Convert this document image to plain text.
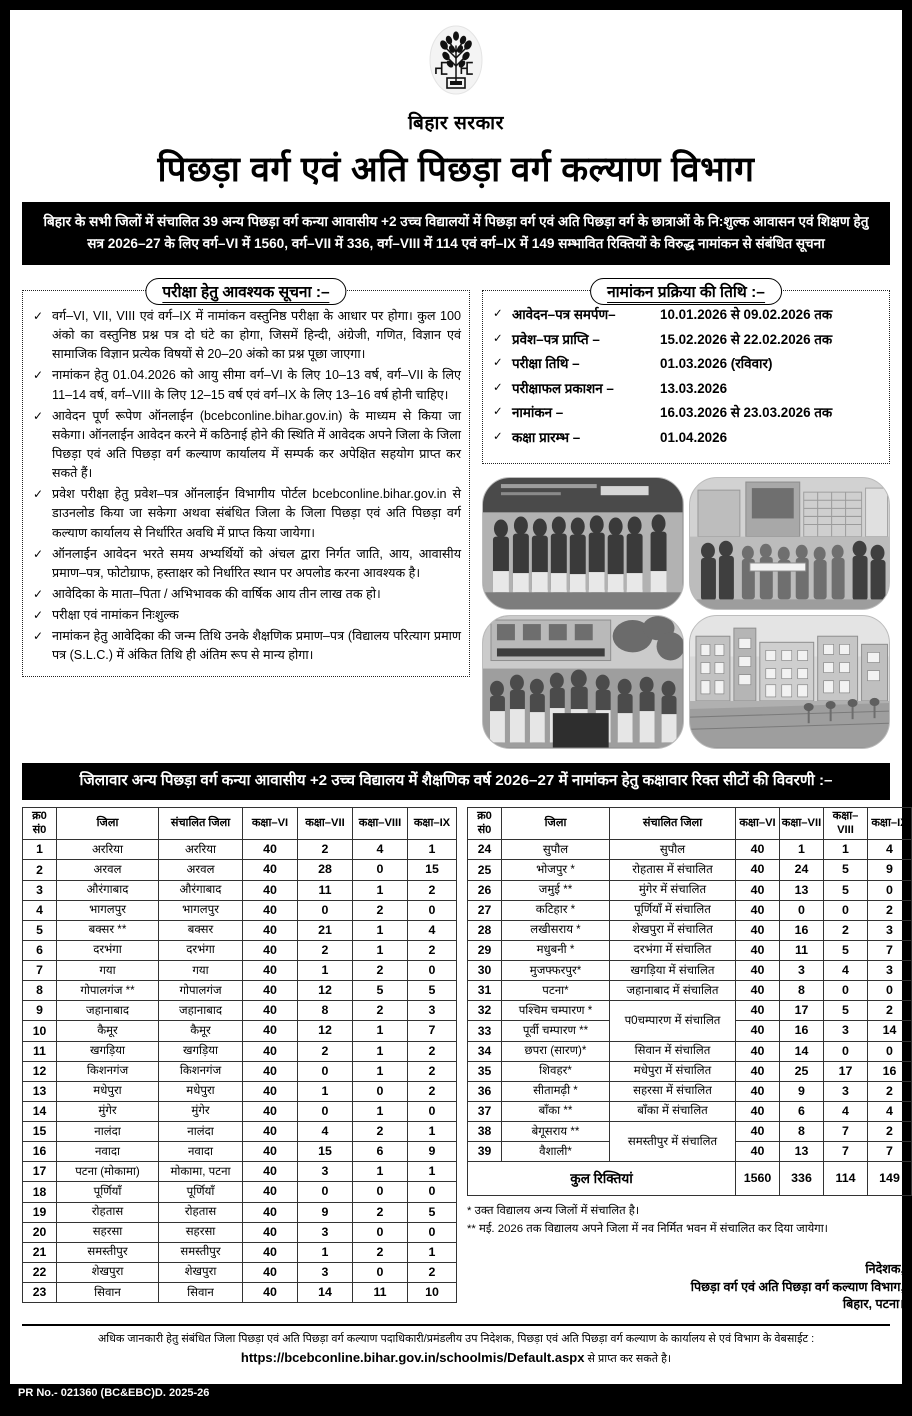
बिहार सरकार
पिछड़ा वर्ग एवं अति पिछड़ा वर्ग कल्याण विभाग
बिहार के सभी जिलों में संचालित 39 अन्य पिछड़ा वर्ग कन्या आवासीय +2 उच्च विद्यालयों में पिछड़ा वर्ग एवं अति पिछड़ा वर्ग के छात्राओं के नि:शुल्क आवासन एवं शिक्षण हेतु सत्र 2026–27 के लिए वर्ग–VI में 1560, वर्ग–VII में 336, वर्ग–VIII में 114 एवं वर्ग–IX में 149 सम्भावित रिक्तियों के विरुद्ध नामांकन से संबंधित सूचना
परीक्षा हेतु आवश्यक सूचना :–
✓ वर्ग–VI, VII, VIII एवं वर्ग–IX में नामांकन वस्तुनिष्ठ परीक्षा के आधार पर होगा। कुल 100 अंको का वस्तुनिष्ठ प्रश्न पत्र दो घंटे का होगा, जिसमें हिन्दी, अंग्रेजी, गणित, विज्ञान एवं सामाजिक विज्ञान प्रत्येक विषयों से 20–20 अंको का प्रश्न पूछा जाएगा।
✓ नामांकन हेतु 01.04.2026 को आयु सीमा वर्ग–VI के लिए 10–13 वर्ष, वर्ग–VII के लिए 11–14 वर्ष, वर्ग–VIII के लिए 12–15 वर्ष एवं वर्ग–IX के लिए 13–16 वर्ष होनी चाहिए।
✓ आवेदन पूर्ण रूपेण ऑनलाईन (bcebconline.bihar.gov.in) के माध्यम से किया जा सकेगा। ऑनलाईन आवेदन करने में कठिनाई होने की स्थिति में आवेदक अपने जिला के जिला पिछड़ा एवं अति पिछड़ा वर्ग कल्याण कार्यालय में सम्पर्क कर अपेक्षित सहयोग प्राप्त कर सकते हैं।
✓ प्रवेश परीक्षा हेतु प्रवेश–पत्र ऑनलाईन विभागीय पोर्टल bcebconline.bihar.gov.in से डाउनलोड किया जा सकेगा अथवा संबंधित जिला के जिला पिछड़ा एवं अति पिछड़ा वर्ग कल्याण कार्यालय से निर्धारित अवधि में प्राप्त किया जायेगा।
✓ ऑनलाईन आवेदन भरते समय अभ्यर्थियों को अंचल द्वारा निर्गत जाति, आय, आवासीय प्रमाण–पत्र, फोटोग्राफ, हस्ताक्षर को निर्धारित स्थान पर अपलोड करना आवश्यक है।
✓ आवेदिका के माता–पिता / अभिभावक की वार्षिक आय तीन लाख तक हो।
✓ परीक्षा एवं नामांकन निःशुल्क
✓ नामांकन हेतु आवेदिका की जन्म तिथि उनके शैक्षणिक प्रमाण–पत्र (विद्यालय परित्याग प्रमाण पत्र (S.L.C.) में अंकित तिथि ही अंतिम रूप से मान्य होगा।
नामांकन प्रक्रिया की तिथि :–
✓ आवेदन–पत्र समर्पण–	10.01.2026 से 09.02.2026 तक
✓ प्रवेश–पत्र प्राप्ति –	15.02.2026 से 22.02.2026 तक
✓ परीक्षा तिथि –	01.03.2026 (रविवार)
✓ परीक्षाफल प्रकाशन –	13.03.2026
✓ नामांकन –	16.03.2026 से 23.03.2026 तक
✓ कक्षा प्रारम्भ –	01.04.2026
जिलावार अन्य पिछड़ा वर्ग कन्या आवासीय +2 उच्च विद्यालय में शैक्षणिक वर्ष 2026–27 में नामांकन हेतु कक्षावार रिक्त सीटों की विवरणी :–
क्र0 सं0	जिला	संचालित जिला	कक्षा–VI	कक्षा–VII	कक्षा–VIII	कक्षा–IX
1	अररिया	अररिया	40	2	4	1
2	अरवल	अरवल	40	28	0	15
3	औरंगाबाद	औरंगाबाद	40	11	1	2
4	भागलपुर	भागलपुर	40	0	2	0
5	बक्सर **	बक्सर	40	21	1	4
6	दरभंगा	दरभंगा	40	2	1	2
7	गया	गया	40	1	2	0
8	गोपालगंज **	गोपालगंज	40	12	5	5
9	जहानाबाद	जहानाबाद	40	8	2	3
10	कैमूर	कैमूर	40	12	1	7
11	खगड़िया	खगड़िया	40	2	1	2
12	किशनगंज	किशनगंज	40	0	1	2
13	मधेपुरा	मधेपुरा	40	1	0	2
14	मुंगेर	मुंगेर	40	0	1	0
15	नालंदा	नालंदा	40	4	2	1
16	नवादा	नवादा	40	15	6	9
17	पटना (मोकामा)	मोकामा, पटना	40	3	1	1
18	पूर्णियाँ	पूर्णियाँ	40	0	0	0
19	रोहतास	रोहतास	40	9	2	5
20	सहरसा	सहरसा	40	3	0	0
21	समस्तीपुर	समस्तीपुर	40	1	2	1
22	शेखपुरा	शेखपुरा	40	3	0	2
23	सिवान	सिवान	40	14	11	10
क्र0 सं0	जिला	संचालित जिला	कक्षा–VI	कक्षा–VII	कक्षा–VIII	कक्षा–IX
24	सुपौल	सुपौल	40	1	1	4
25	भोजपुर *	रोहतास में संचालित	40	24	5	9
26	जमुई **	मुंगेर में संचालित	40	13	5	0
27	कटिहार *	पूर्णियाँ में संचालित	40	0	0	2
28	लखीसराय *	शेखपुरा में संचालित	40	16	2	3
29	मधुबनी *	दरभंगा में संचालित	40	11	5	7
30	मुजफ्फरपुर*	खगड़िया में संचालित	40	3	4	3
31	पटना*	जहानाबाद में संचालित	40	8	0	0
32	पश्चिम चम्पारण *	प0चम्पारण में संचालित	40	17	5	2
33	पूर्वी चम्पारण **		40	16	3	14
34	छपरा (सारण)*	सिवान में संचालित	40	14	0	0
35	शिवहर*	मधेपुरा में संचालित	40	25	17	16
36	सीतामढ़ी *	सहरसा में संचालित	40	9	3	2
37	बाँका **	बाँका में संचालित	40	6	4	4
38	बेगूसराय **	समस्तीपुर में संचालित	40	8	7	2
39	वैशाली*		40	13	7	7
कुल रिक्तियां			1560	336	114	149
* उक्त विद्यालय अन्य जिलों में संचालित है।
** मई. 2026 तक विद्यालय अपने जिला में नव निर्मित भवन में संचालित कर दिया जायेगा।
निदेशक,
पिछड़ा वर्ग एवं अति पिछड़ा वर्ग कल्याण विभाग,
बिहार, पटना।
अधिक जानकारी हेतु संबंधित जिला पिछड़ा एवं अति पिछड़ा वर्ग कल्याण पदाधिकारी/प्रमंडलीय उप निदेशक, पिछड़ा एवं अति पिछड़ा वर्ग कल्याण के कार्यालय से एवं विभाग के वेबसाईट :
https://bcebconline.bihar.gov.in/schoolmis/Default.aspx से प्राप्त कर सकते है।
PR No.- 021360 (BC&EBC)D. 2025-26
